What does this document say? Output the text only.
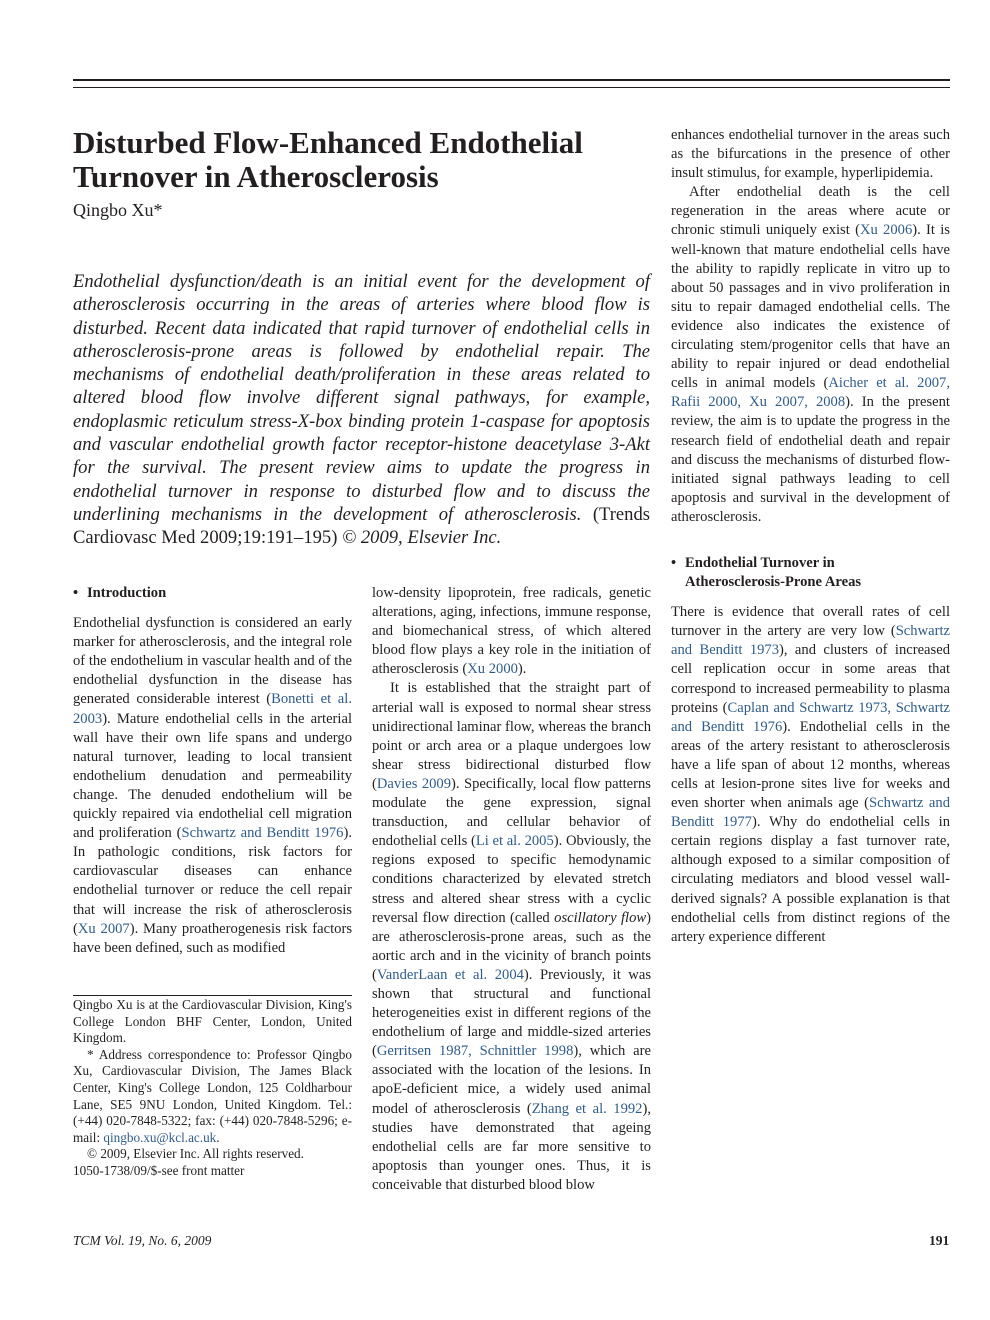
Disturbed Flow-Enhanced Endothelial Turnover in Atherosclerosis
Qingbo Xu*
Endothelial dysfunction/death is an initial event for the development of atherosclerosis occurring in the areas of arteries where blood flow is disturbed. Recent data indicated that rapid turnover of endothelial cells in atherosclerosis-prone areas is followed by endothelial repair. The mechanisms of endothelial death/proliferation in these areas related to altered blood flow involve different signal pathways, for example, endoplasmic reticulum stress-X-box binding protein 1-caspase for apoptosis and vascular endothelial growth factor receptor-histone deacetylase 3-Akt for the survival. The present review aims to update the progress in endothelial turnover in response to disturbed flow and to discuss the underlining mechanisms in the development of atherosclerosis. (Trends Cardiovasc Med 2009;19:191–195) © 2009, Elsevier Inc.
• Introduction

Endothelial dysfunction is considered an early marker for atherosclerosis, and the integral role of the endothelium in vascular health and of the endothelial dysfunction in the disease has generated considerable interest (Bonetti et al. 2003). Mature endothelial cells in the arterial wall have their own life spans and undergo natural turnover, leading to local transient endothelium denudation and permeability change. The denuded endothelium will be quickly repaired via endothelial cell migration and proliferation (Schwartz and Benditt 1976). In pathologic conditions, risk factors for cardiovascular diseases can enhance endothelial turnover or reduce the cell repair that will increase the risk of atherosclerosis (Xu 2007). Many proatherogenesis risk factors have been defined, such as modified

Qingbo Xu is at the Cardiovascular Division, King's College London BHF Center, London, United Kingdom.

* Address correspondence to: Professor Qingbo Xu, Cardiovascular Division, The James Black Center, King's College London, 125 Coldharbour Lane, SE5 9NU London, United Kingdom. Tel.: (+44) 020-7848-5322; fax: (+44) 020-7848-5296; e-mail: qingbo.xu@kcl.ac.uk.

© 2009, Elsevier Inc. All rights reserved.

1050-1738/09/$-see front matter

low-density lipoprotein, free radicals, genetic alterations, aging, infections, immune response, and biomechanical stress, of which altered blood flow plays a key role in the initiation of atherosclerosis (Xu 2000).

It is established that the straight part of arterial wall is exposed to normal shear stress unidirectional laminar flow, whereas the branch point or arch area or a plaque undergoes low shear stress bidirectional disturbed flow (Davies 2009). Specifically, local flow patterns modulate the gene expression, signal transduction, and cellular behavior of endothelial cells (Li et al. 2005). Obviously, the regions exposed to specific hemodynamic conditions characterized by elevated stretch stress and altered shear stress with a cyclic reversal flow direction (called oscillatory flow) are atherosclerosis-prone areas, such as the aortic arch and in the vicinity of branch points (VanderLaan et al. 2004). Previously, it was shown that structural and functional heterogeneities exist in different regions of the endothelium of large and middle-sized arteries (Gerritsen 1987, Schnittler 1998), which are associated with the location of the lesions. In apoE-deficient mice, a widely used animal model of atherosclerosis (Zhang et al. 1992), studies have demonstrated that ageing endothelial cells are far more sensitive to apoptosis than younger ones. Thus, it is conceivable that disturbed blood blow

enhances endothelial turnover in the areas such as the bifurcations in the presence of other insult stimulus, for example, hyperlipidemia.

After endothelial death is the cell regeneration in the areas where acute or chronic stimuli uniquely exist (Xu 2006). It is well-known that mature endothelial cells have the ability to rapidly replicate in vitro up to about 50 passages and in vivo proliferation in situ to repair damaged endothelial cells. The evidence also indicates the existence of circulating stem/progenitor cells that have an ability to repair injured or dead endothelial cells in animal models (Aicher et al. 2007, Rafii 2000, Xu 2007, 2008). In the present review, the aim is to update the progress in the research field of endothelial death and repair and discuss the mechanisms of disturbed flow-initiated signal pathways leading to cell apoptosis and survival in the development of atherosclerosis.

• Endothelial Turnover in
Atherosclerosis-Prone Areas

There is evidence that overall rates of cell turnover in the artery are very low (Schwartz and Benditt 1973), and clusters of increased cell replication occur in some areas that correspond to increased permeability to plasma proteins (Caplan and Schwartz 1973, Schwartz and Benditt 1976). Endothelial cells in the areas of the artery resistant to atherosclerosis have a life span of about 12 months, whereas cells at lesion-prone sites live for weeks and even shorter when animals age (Schwartz and Benditt 1977). Why do endothelial cells in certain regions display a fast turnover rate, although exposed to a similar composition of circulating mediators and blood vessel wall-derived signals? A possible explanation is that endothelial cells from distinct regions of the artery experience different

TCM Vol. 19, No. 6, 2009	191
